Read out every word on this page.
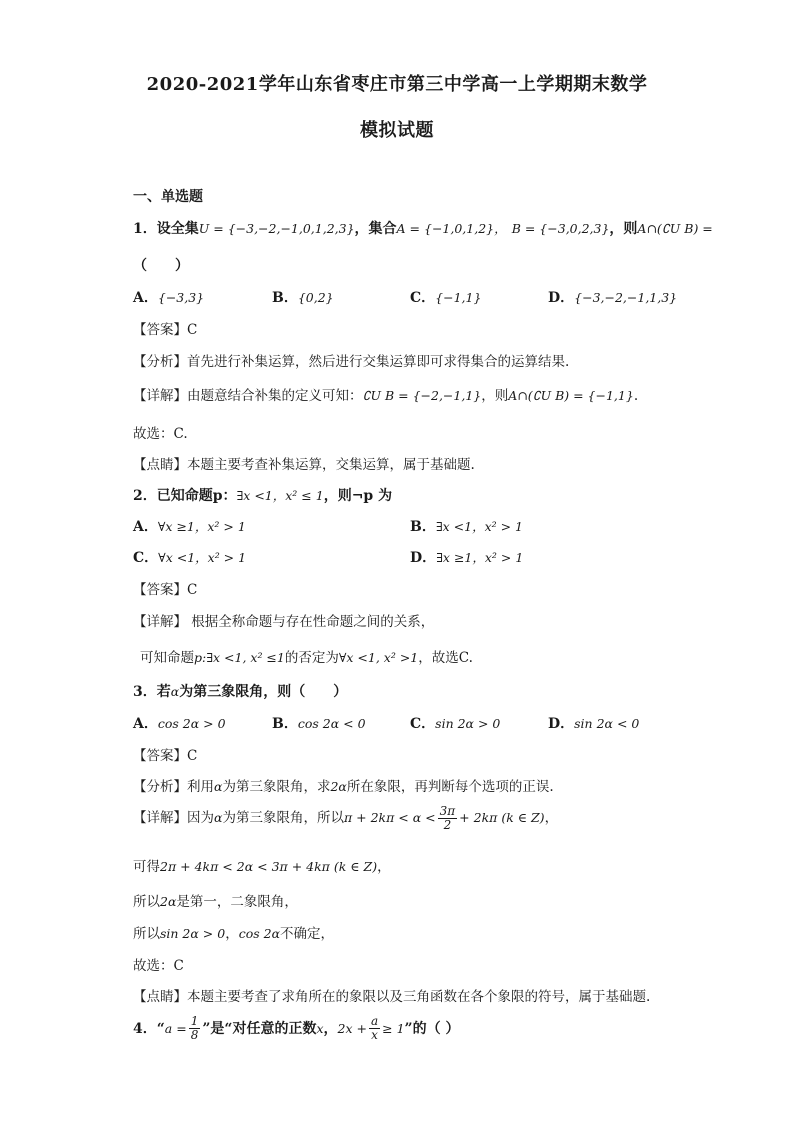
2020-2021学年山东省枣庄市第三中学高一上学期期末数学
模拟试题
一、单选题
1．设全集U = {−3,−2,−1,0,1,2,3}，集合A = {−1,0,1,2}， B = {−3,0,2,3}，则A∩(∁U B) =
（　　）
A．{−3,3}	B．{0,2}	C．{−1,1}	D．{−3,−2,−1,1,3}
【答案】C
【分析】首先进行补集运算，然后进行交集运算即可求得集合的运算结果.
【详解】由题意结合补集的定义可知：∁U B = {−2,−1,1}，则A∩(∁U B) = {−1,1}.
故选：C.
【点睛】本题主要考查补集运算，交集运算，属于基础题.
2．已知命题p：∃x <1，x² ≤ 1，则¬p 为
A．∀x ≥1，x² > 1	B．∃x <1，x² > 1
C．∀x <1，x² > 1	D．∃x ≥1，x² > 1
【答案】C
【详解】 根据全称命题与存在性命题之间的关系，
可知命题p:∃x <1, x² ≤1的否定为∀x <1, x² >1，故选C.
3．若α为第三象限角，则（　　）
A．cos 2α > 0	B．cos 2α < 0	C．sin 2α > 0	D．sin 2α < 0
【答案】C
【分析】利用α为第三象限角，求2α所在象限，再判断每个选项的正误.
【详解】因为α为第三象限角，所以$\pi + 2k\pi < \alpha < \frac{3\pi}{2} + 2k\pi$ (k ∈ Z)，
可得2π + 4kπ < 2α < 3π + 4kπ (k ∈ Z)，
所以2α是第一，二象限角，
所以sin 2α > 0，cos 2α不确定，
故选：C
【点睛】本题主要考查了求角所在的象限以及三角函数在各个象限的符号，属于基础题.
4．“$a = \frac{1}{8}$ ”是“对任意的正数x，$2x + \frac{a}{x} \ge 1$”的（ ）
